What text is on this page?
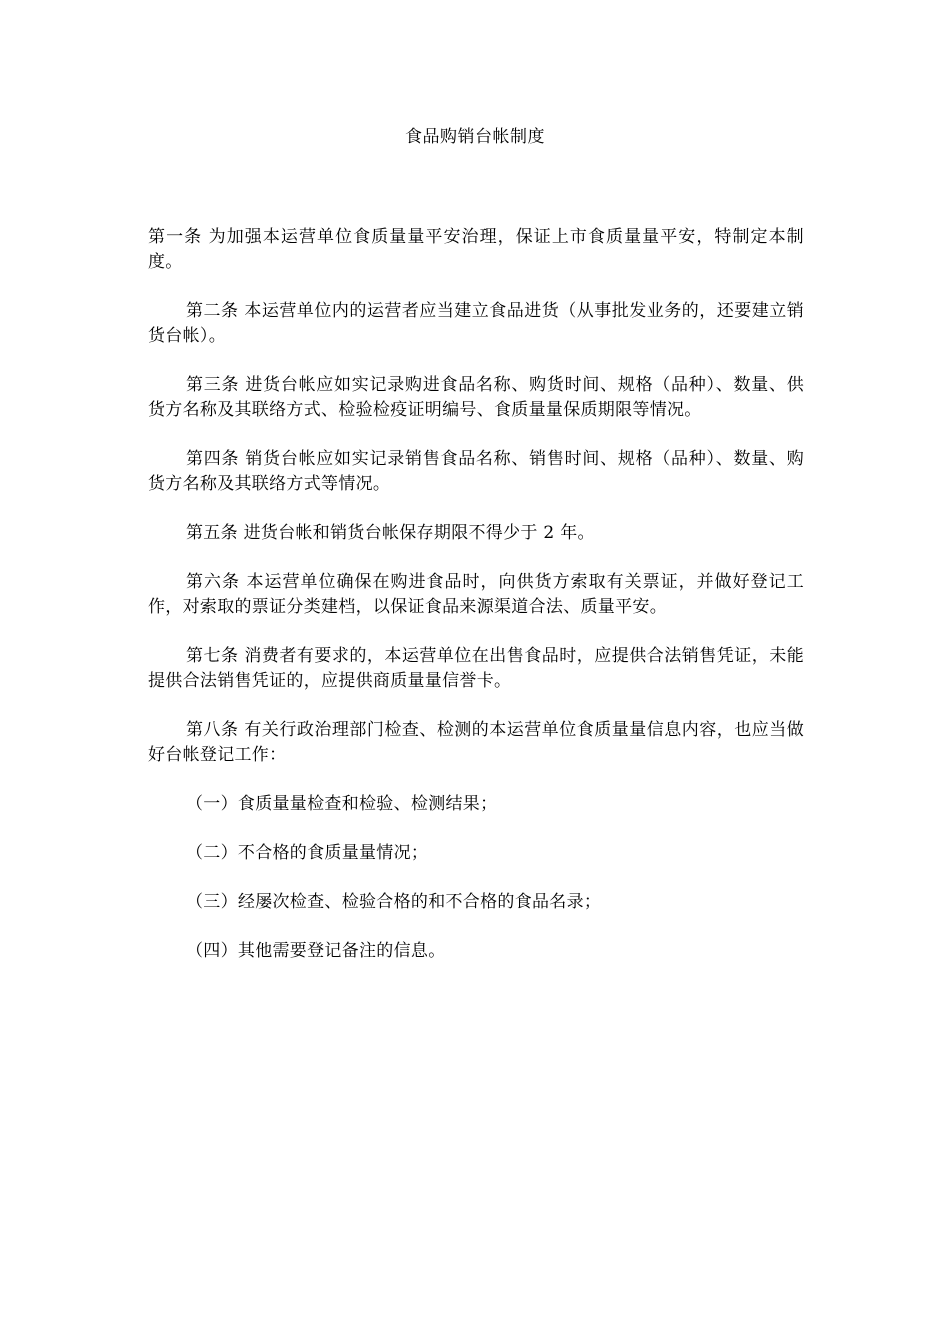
食品购销台帐制度

第一条 为加强本运营单位食质量量平安治理，保证上市食质量量平安，特制定本制度。

第二条 本运营单位内的运营者应当建立食品进货（从事批发业务的，还要建立销货台帐）。

第三条 进货台帐应如实记录购进食品名称、购货时间、规格（品种）、数量、供货方名称及其联络方式、检验检疫证明编号、食质量量保质期限等情况。

第四条 销货台帐应如实记录销售食品名称、销售时间、规格（品种）、数量、购货方名称及其联络方式等情况。

第五条 进货台帐和销货台帐保存期限不得少于 2 年。

第六条 本运营单位确保在购进食品时，向供货方索取有关票证，并做好登记工作，对索取的票证分类建档，以保证食品来源渠道合法、质量平安。

第七条 消费者有要求的，本运营单位在出售食品时，应提供合法销售凭证，未能提供合法销售凭证的，应提供商质量量信誉卡。

第八条 有关行政治理部门检查、检测的本运营单位食质量量信息内容，也应当做好台帐登记工作：

（一）食质量量检查和检验、检测结果；

（二）不合格的食质量量情况；

（三）经屡次检查、检验合格的和不合格的食品名录；

（四）其他需要登记备注的信息。
